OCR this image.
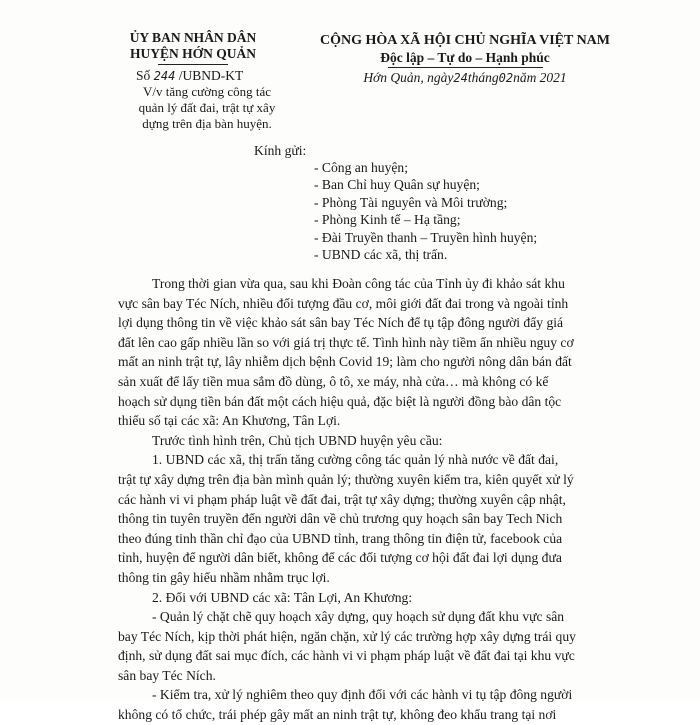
ỦY BAN NHÂN DÂN
HUYỆN HỚN QUẢN
Số 244 /UBND-KT
V/v tăng cường công tác
quản lý đất đai, trật tự xây
dựng trên địa bàn huyện.
CỘNG HÒA XÃ HỘI CHỦ NGHĨA VIỆT NAM
Độc lập – Tự do – Hạnh phúc
Hớn Quản, ngày24tháng02năm 2021
Kính gửi:
- Công an huyện;
- Ban Chỉ huy Quân sự huyện;
- Phòng Tài nguyên và Môi trường;
- Phòng Kinh tế – Hạ tầng;
- Đài Truyền thanh – Truyền hình huyện;
- UBND các xã, thị trấn.
Trong thời gian vừa qua, sau khi Đoàn công tác của Tỉnh ủy đi khảo sát khu
vực sân bay Téc Ních, nhiều đối tượng đầu cơ, môi giới đất đai trong và ngoài tỉnh
lợi dụng thông tin về việc khảo sát sân bay Téc Ních để tụ tập đông người đẩy giá
đất lên cao gấp nhiều lần so với giá trị thực tế. Tình hình này tiềm ẩn nhiều nguy cơ
mất an ninh trật tự, lây nhiễm dịch bệnh Covid 19; làm cho người nông dân bán đất
sản xuất để lấy tiền mua sắm đồ dùng, ô tô, xe máy, nhà cửa… mà không có kế
hoạch sử dụng tiền bán đất một cách hiệu quả, đặc biệt là người đồng bào dân tộc
thiểu số tại các xã: An Khương, Tân Lợi.
Trước tình hình trên, Chủ tịch UBND huyện yêu cầu:
1. UBND các xã, thị trấn tăng cường công tác quản lý nhà nước về đất đai,
trật tự xây dựng trên địa bàn mình quản lý; thường xuyên kiểm tra, kiên quyết xử lý
các hành vi vi phạm pháp luật về đất đai, trật tự xây dựng; thường xuyên cập nhật,
thông tin tuyên truyền đến người dân về chủ trương quy hoạch sân bay Tech Nich
theo đúng tinh thần chỉ đạo của UBND tỉnh, trang thông tin điện tử, facebook của
tỉnh, huyện để người dân biết, không để các đối tượng cơ hội đất đai lợi dụng đưa
thông tin gây hiểu nhầm nhằm trục lợi.
2. Đối với UBND các xã: Tân Lợi, An Khương:
- Quản lý chặt chẽ quy hoạch xây dựng, quy hoạch sử dụng đất khu vực sân
bay Téc Ních, kịp thời phát hiện, ngăn chặn, xử lý các trường hợp xây dựng trái quy
định, sử dụng đất sai mục đích, các hành vi vi phạm pháp luật về đất đai tại khu vực
sân bay Téc Ních.
- Kiểm tra, xử lý nghiêm theo quy định đối với các hành vi tụ tập đông người
không có tổ chức, trái phép gây mất an ninh trật tự, không đeo khẩu trang tại nơi
